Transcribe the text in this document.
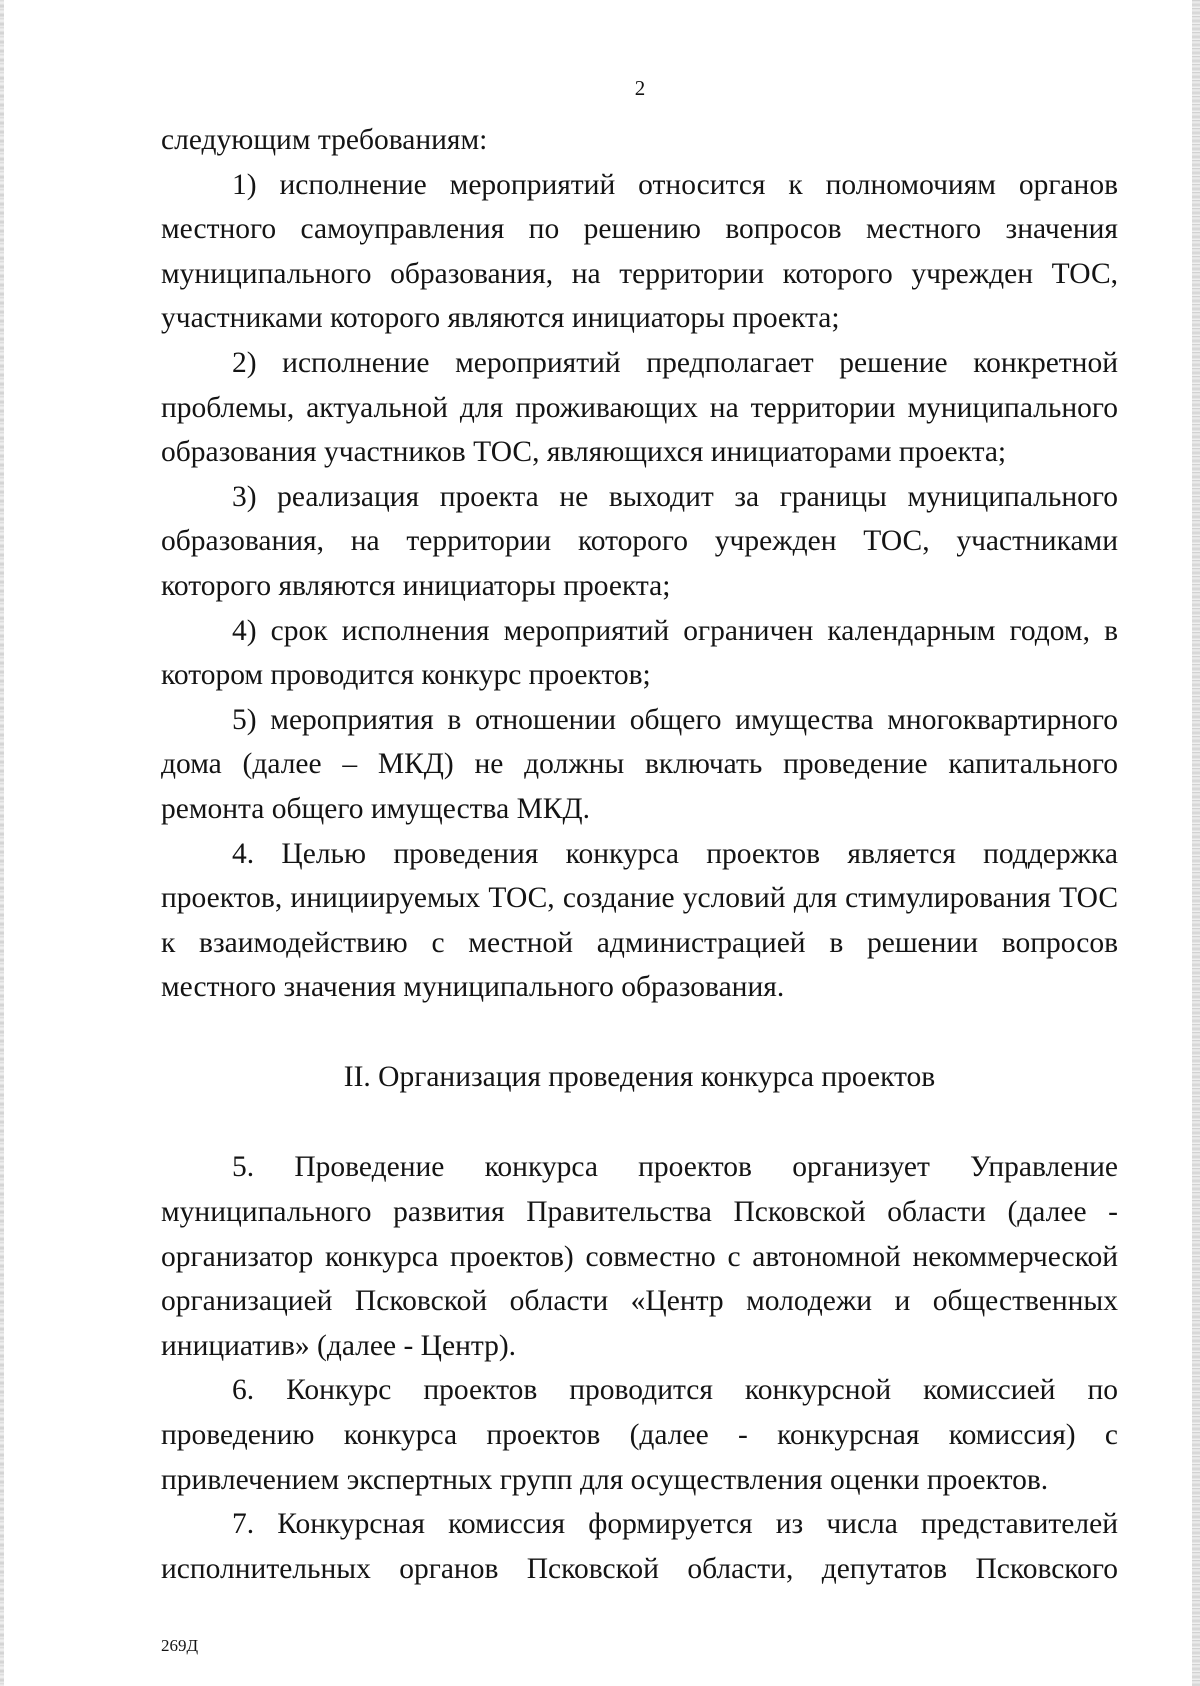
2

следующим требованиям:

1) исполнение мероприятий относится к полномочиям органов местного самоуправления по решению вопросов местного значения муниципального образования, на территории которого учрежден ТОС, участниками которого являются инициаторы проекта;

2) исполнение мероприятий предполагает решение конкретной проблемы, актуальной для проживающих на территории муниципального образования участников ТОС, являющихся инициаторами проекта;

3) реализация проекта не выходит за границы муниципального образования, на территории которого учрежден ТОС, участниками которого являются инициаторы проекта;

4) срок исполнения мероприятий ограничен календарным годом, в котором проводится конкурс проектов;

5) мероприятия в отношении общего имущества многоквартирного дома (далее – МКД) не должны включать проведение капитального ремонта общего имущества МКД.

4. Целью проведения конкурса проектов является поддержка проектов, инициируемых ТОС, создание условий для стимулирования ТОС к взаимодействию с местной администрацией в решении вопросов местного значения муниципального образования.

II. Организация проведения конкурса проектов

5. Проведение конкурса проектов организует Управление муниципального развития Правительства Псковской области (далее - организатор конкурса проектов) совместно с автономной некоммерческой организацией Псковской области «Центр молодежи и общественных инициатив» (далее - Центр).

6. Конкурс проектов проводится конкурсной комиссией по проведению конкурса проектов (далее - конкурсная комиссия) с привлечением экспертных групп для осуществления оценки проектов.

7. Конкурсная комиссия формируется из числа представителей исполнительных органов Псковской области, депутатов Псковского

269Д
